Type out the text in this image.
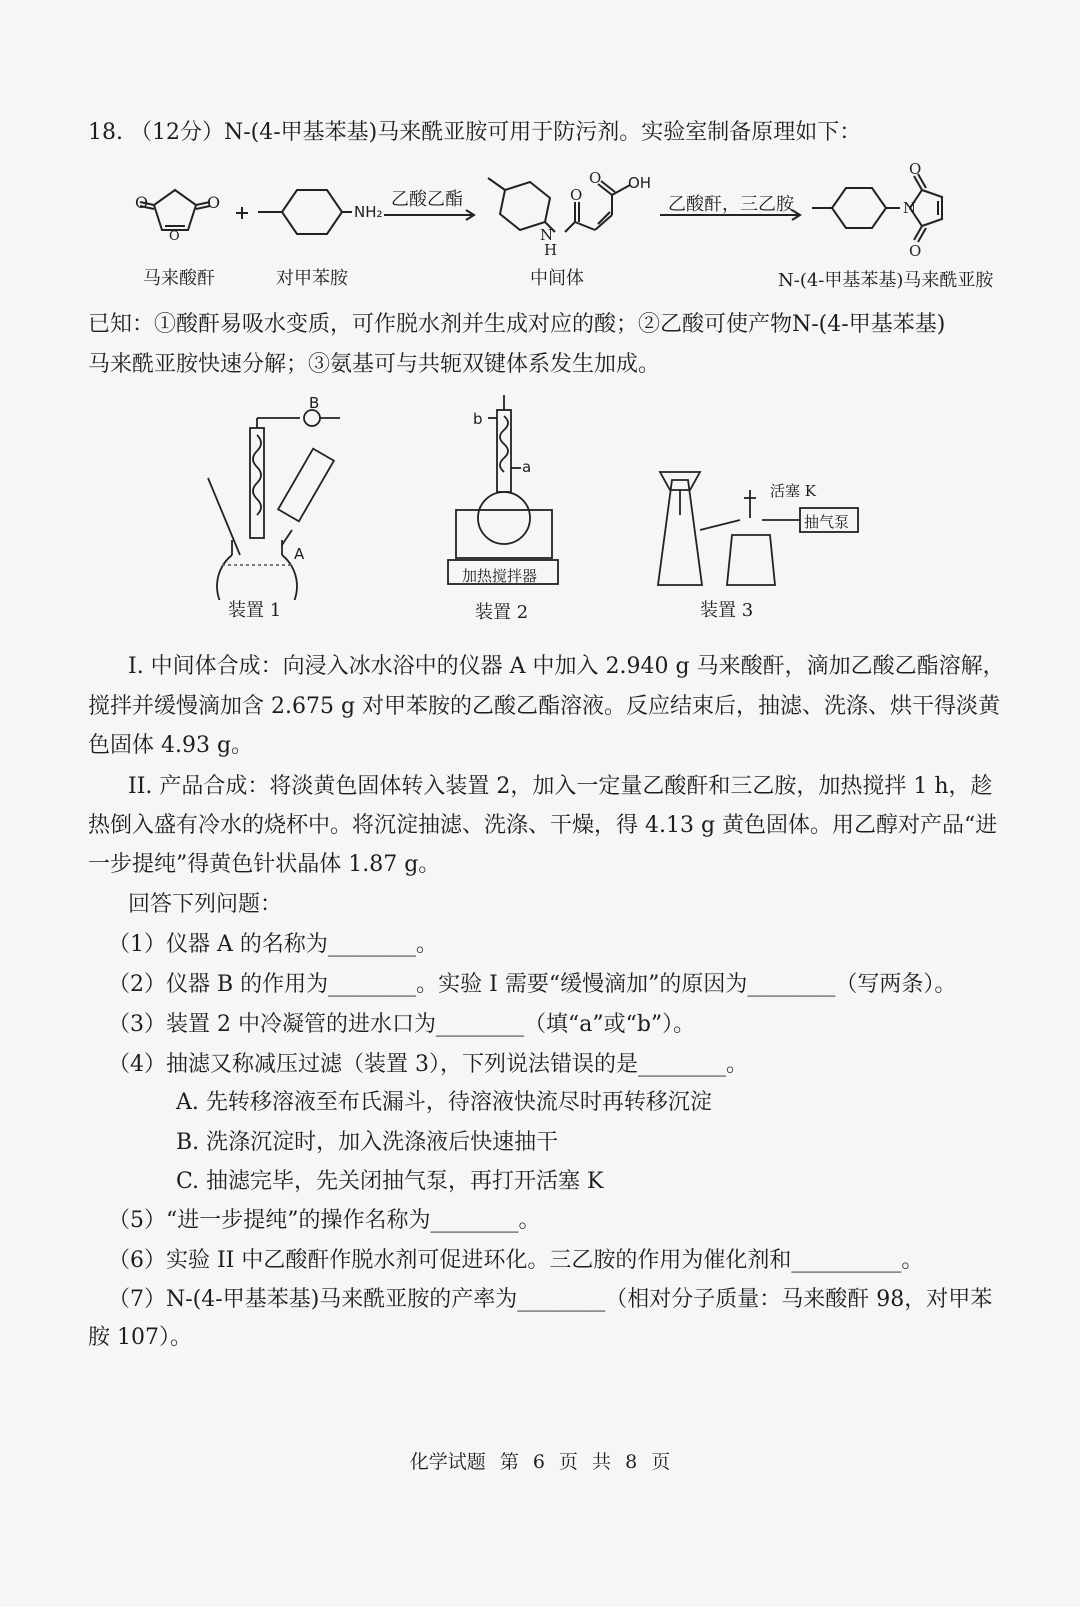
18. （12分）N-(4-甲基苯基)马来酰亚胺可用于防污剂。实验室制备原理如下：
O
O
O
N
H
O
O
N
O
O
NH₂
OH
乙酸乙酯	乙酸酐，三乙胺
马来酸酐	对甲苯胺	中间体	N-(4-甲基苯基)马来酰亚胺
已知：①酸酐易吸水变质，可作脱水剂并生成对应的酸；②乙酸可使产物N-(4-甲基苯基)
马来酰亚胺快速分解；③氨基可与共轭双键体系发生加成。
B
A
b
a
加热搅拌器
活塞 K
抽气泵
装置 1	装置 2	装置 3
I. 中间体合成：向浸入冰水浴中的仪器 A 中加入 2.940 g 马来酸酐，滴加乙酸乙酯溶解，
搅拌并缓慢滴加含 2.675 g 对甲苯胺的乙酸乙酯溶液。反应结束后，抽滤、洗涤、烘干得淡黄
色固体 4.93 g。
II. 产品合成：将淡黄色固体转入装置 2，加入一定量乙酸酐和三乙胺，加热搅拌 1 h，趁
热倒入盛有冷水的烧杯中。将沉淀抽滤、洗涤、干燥，得 4.13 g 黄色固体。用乙醇对产品“进
一步提纯”得黄色针状晶体 1.87 g。
回答下列问题：
（1）仪器 A 的名称为________。
（2）仪器 B 的作用为________。实验 I 需要“缓慢滴加”的原因为________（写两条）。
（3）装置 2 中冷凝管的进水口为________（填“a”或“b”）。
（4）抽滤又称减压过滤（装置 3），下列说法错误的是________。
A. 先转移溶液至布氏漏斗，待溶液快流尽时再转移沉淀
B. 洗涤沉淀时，加入洗涤液后快速抽干
C. 抽滤完毕，先关闭抽气泵，再打开活塞 K
（5）“进一步提纯”的操作名称为________。
（6）实验 II 中乙酸酐作脱水剂可促进环化。三乙胺的作用为催化剂和__________。
（7）N-(4-甲基苯基)马来酰亚胺的产率为________（相对分子质量：马来酸酐 98，对甲苯
胺 107）。
化学试题 第 6 页 共 8 页
